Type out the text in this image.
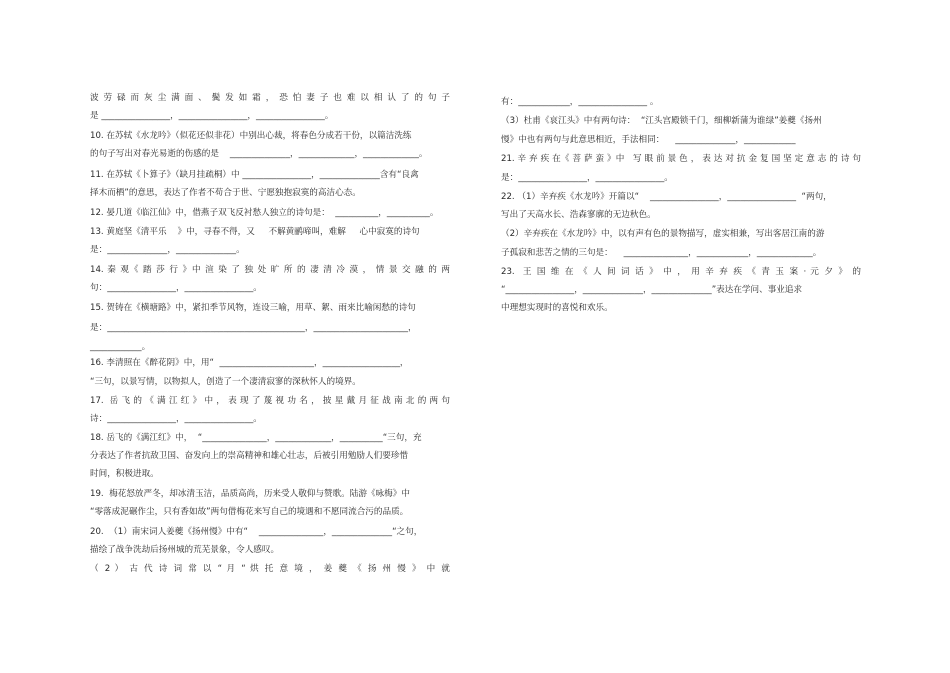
波 劳 碌 而 灰 尘 满 面 、 鬓 发 如 霜 ， 恐 怕 妻 子 也 难 以 相 认 了 的 句 子
是 ________________，________________，________________。
10. 在苏轼《水龙吟》（似花还似非花）中别出心裁，将春色分成若干份，以篇洁洗练
的句子写出对春光易逝的伤感的是    ______________，_____________，_____________。
11. 在苏轼《卜算子》（缺月挂疏桐）中 ________________，______________含有“良禽
择木而栖”的意思，表达了作者不苟合于世、宁愿独抱寂寞的高洁心态。
12. 晏几道《临江仙》中，借燕子双飞反衬愁人独立的诗句是：  __________，__________。
13. 黄庭坚《清平乐    》中，寻春不得，又     不解黄鹂啼叫，难解     心中寂寞的诗句
是：______________，______________。
14. 秦 观《 踏 莎 行 》中 渲 染 了 独 处 旷 所 的 凄 清 冷 漠 ， 情 景 交 融 的 两
句：________________，________________。
15. 贺铸在《横塘路》中，紧扣季节风物，连设三喻，用草、絮、雨来比喻闲愁的诗句
是：______________________________________________，______________________，
____________。
16. 李清照在《醉花阴》中，用“  ______________________，__________________，
“三句，以景写情，以物拟人，创造了一个凄清寂寥的深秋怀人的境界。
17.  岳 飞 的 《 满 江 红 》 中 ， 表 现 了 蔑 视 功 名 ， 披 星 戴 月 征 战 南 北 的 两 句
诗：________________，________________。
18. 岳飞的《满江红》中，  “_______________，_____________，__________“三句，充
分表达了作者抗敌卫国、奋发向上的崇高精神和雄心壮志，后被引用勉励人们要珍惜
时间，积极进取。
19.  梅花怒放严冬，却冰清玉洁，品质高尚，历来受人敬仰与赞歌。陆游《咏梅》中
“零落成泥碾作尘，只有香如故”两句借梅花来写自己的境遇和不愿同流合污的品质。
20.  （1）南宋词人姜夔《扬州慢》中有“    _______________，______________“之句，
描绘了战争洗劫后扬州城的荒芜景象，令人感叹。
（ 2 ） 古 代 诗 词 常 以 “ 月 “ 烘 托 意 境 ， 姜 夔 《 扬 州 慢 》 中 就
有：____________，________________ 。
（3）杜甫《哀江头》中有两句诗：  “江头宫殿锁千门，细柳新蒲为谁绿”姜夔《扬州
慢》中也有两句与此意思相近，手法相同：    ______________，____________
21. 辛 弃 疾 在《 菩 萨 蛮 》中   写 眼 前 景 色 ， 表 达 对 抗 金 复 国 坚 定 意 志 的 诗 句
是：________________，________________。
22. （1）辛弃疾《水龙吟》开篇以“    ________________，________________  “两句，
写出了天高水长、浩森寥廓的无边秋色。
（2）辛弃疾在《水龙吟》中，以有声有色的景物描写，虚实相兼，写出客居江南的游
子孤寂和悲苦之情的三句是：    _______________，____________，_____________。
23.  王 国 维 在 《 人 间 词 话 》 中 ， 用 辛 弃 疾 《 青 玉 案 · 元 夕 》 的
“________________，______________，______________”表达在学问、事业追求
中理想实现时的喜悦和欢乐。
